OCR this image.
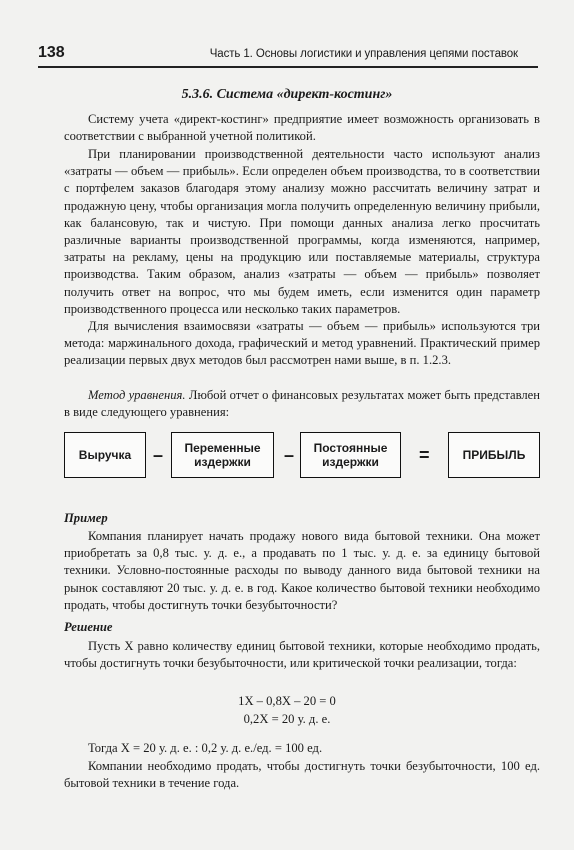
138	Часть 1. Основы логистики и управления цепями поставок
5.3.6. Система «директ-костинг»

Систему учета «директ-костинг» предприятие имеет возможность организовать в соответствии с выбранной учетной политикой.

При планировании производственной деятельности часто используют анализ «затраты — объем — прибыль». Если определен объем производства, то в соответствии с портфелем заказов благодаря этому анализу можно рассчитать величину затрат и продажную цену, чтобы организация могла получить определенную величину прибыли, как балансовую, так и чистую. При помощи данных анализа легко просчитать различные варианты производственной программы, когда изменяются, например, затраты на рекламу, цены на продукцию или поставляемые материалы, структура производства. Таким образом, анализ «затраты — объем — прибыль» позволяет получить ответ на вопрос, что мы будем иметь, если изменится один параметр производственного процесса или несколько таких параметров.

Для вычисления взаимосвязи «затраты — объем — прибыль» используются три метода: маржинального дохода, графический и метод уравнений. Практический пример реализации первых двух методов был рассмотрен нами выше, в п. 1.2.3.

Метод уравнения. Любой отчет о финансовых результатах может быть представлен в виде следующего уравнения:

Выручка	–	Переменные издержки	–	Постоянные издержки	=	ПРИБЫЛЬ
Пример

Компания планирует начать продажу нового вида бытовой техники. Она может приобретать за 0,8 тыс. у. д. е., а продавать по 1 тыс. у. д. е. за единицу бытовой техники. Условно-постоянные расходы по выводу данного вида бытовой техники на рынок составляют 20 тыс. у. д. е. в год. Какое количество бытовой техники необходимо продать, чтобы достигнуть точки безубыточности?

Решение

Пусть X равно количеству единиц бытовой техники, которые необходимо продать, чтобы достигнуть точки безубыточности, или критической точки реализации, тогда:

1X – 0,8X – 20 = 0
0,2X = 20 у. д. е.

Тогда X = 20 у. д. е. : 0,2 у. д. е./ед. = 100 ед.

Компании необходимо продать, чтобы достигнуть точки безубыточности, 100 ед. бытовой техники в течение года.
